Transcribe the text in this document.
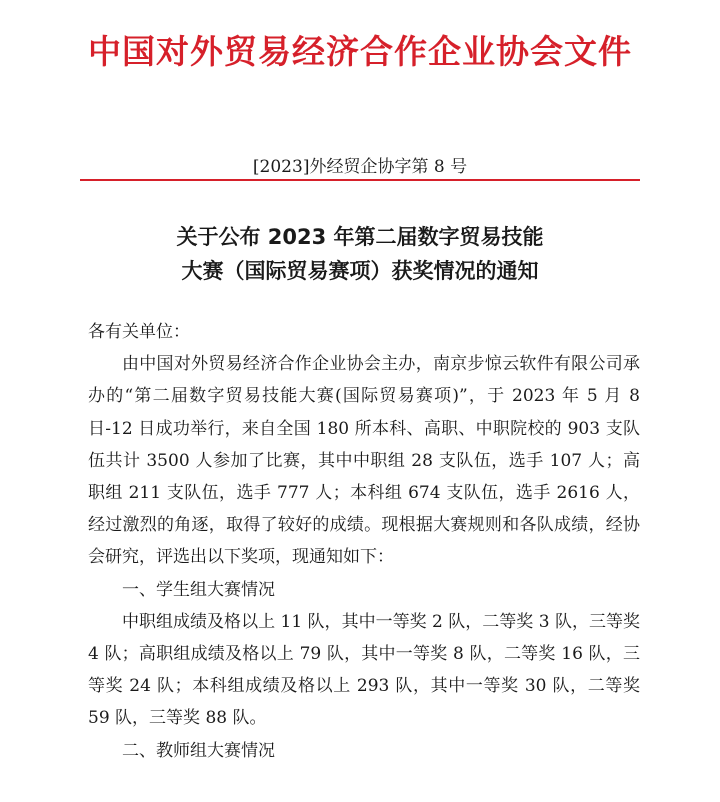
中国对外贸易经济合作企业协会文件
[2023]外经贸企协字第 8 号
关于公布 2023 年第二届数字贸易技能
大赛（国际贸易赛项）获奖情况的通知

各有关单位：

由中国对外贸易经济合作企业协会主办，南京步惊云软件有限公司承办的“第二届数字贸易技能大赛(国际贸易赛项)”，于 2023 年 5 月 8 日-12 日成功举行，来自全国 180 所本科、高职、中职院校的 903 支队伍共计 3500 人参加了比赛，其中中职组 28 支队伍，选手 107 人；高职组 211 支队伍，选手 777 人；本科组 674 支队伍，选手 2616 人，经过激烈的角逐，取得了较好的成绩。现根据大赛规则和各队成绩，经协会研究，评选出以下奖项，现通知如下：

一、学生组大赛情况

中职组成绩及格以上 11 队，其中一等奖 2 队，二等奖 3 队，三等奖 4 队；高职组成绩及格以上 79 队，其中一等奖 8 队，二等奖 16 队，三等奖 24 队；本科组成绩及格以上 293 队，其中一等奖 30 队，二等奖 59 队，三等奖 88 队。

二、教师组大赛情况
